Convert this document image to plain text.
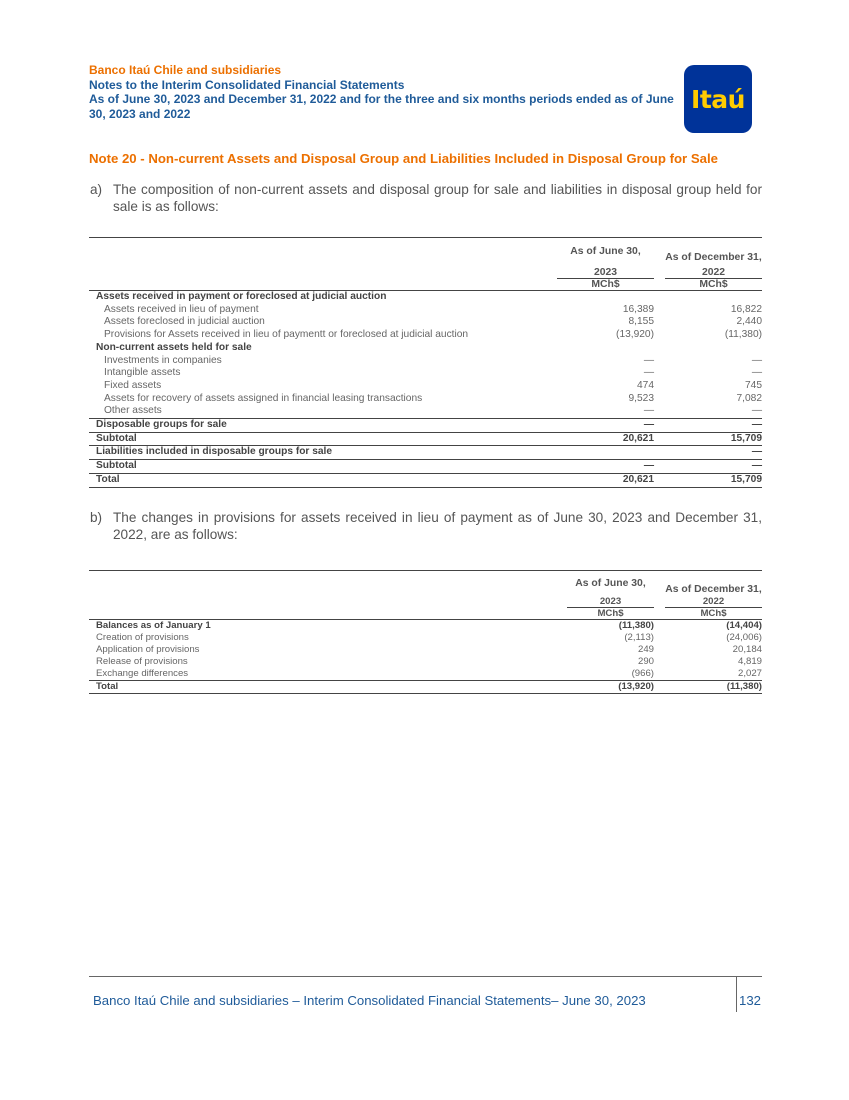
Banco Itaú Chile and subsidiaries
Notes to the Interim Consolidated Financial Statements
As of June 30, 2023 and December 31, 2022 and for the three and six months periods ended as of June 30, 2023 and 2022	Itaú
Note 20 - Non-current Assets and Disposal Group and Liabilities Included in Disposal Group for Sale
a) The composition of non-current assets and disposal group for sale and liabilities in disposal group held for sale is as follows:
	As of June 30,		As of December 31,
	2023		2022
	MCh$		MCh$
Assets received in payment or foreclosed at judicial auction			
Assets received in lieu of payment	16,389		16,822
Assets foreclosed in judicial auction	8,155		2,440
Provisions for Assets received in lieu of paymentt or foreclosed at judicial auction	(13,920)		(11,380)
Non-current assets held for sale			
Investments in companies	—		—
Intangible assets	—		—
Fixed assets	474		745
Assets for recovery of assets assigned in financial leasing transactions	9,523		7,082
Other assets	—		—
Disposable groups for sale	—		—
Subtotal	20,621		15,709
Liabilities included in disposable groups for sale			—
Subtotal	—		—
Total	20,621		15,709
b) The changes in provisions for assets received in lieu of payment as of June 30, 2023 and December 31, 2022, are as follows:
	As of June 30,		As of December 31,
	2023		2022
	MCh$		MCh$
Balances as of January 1	(11,380)		(14,404)
Creation of provisions	(2,113)		(24,006)
Application of provisions	249		20,184
Release of provisions	290		4,819
Exchange differences	(966)		2,027
Total	(13,920)		(11,380)
Banco Itaú Chile and subsidiaries – Interim Consolidated Financial Statements– June 30, 2023	132
